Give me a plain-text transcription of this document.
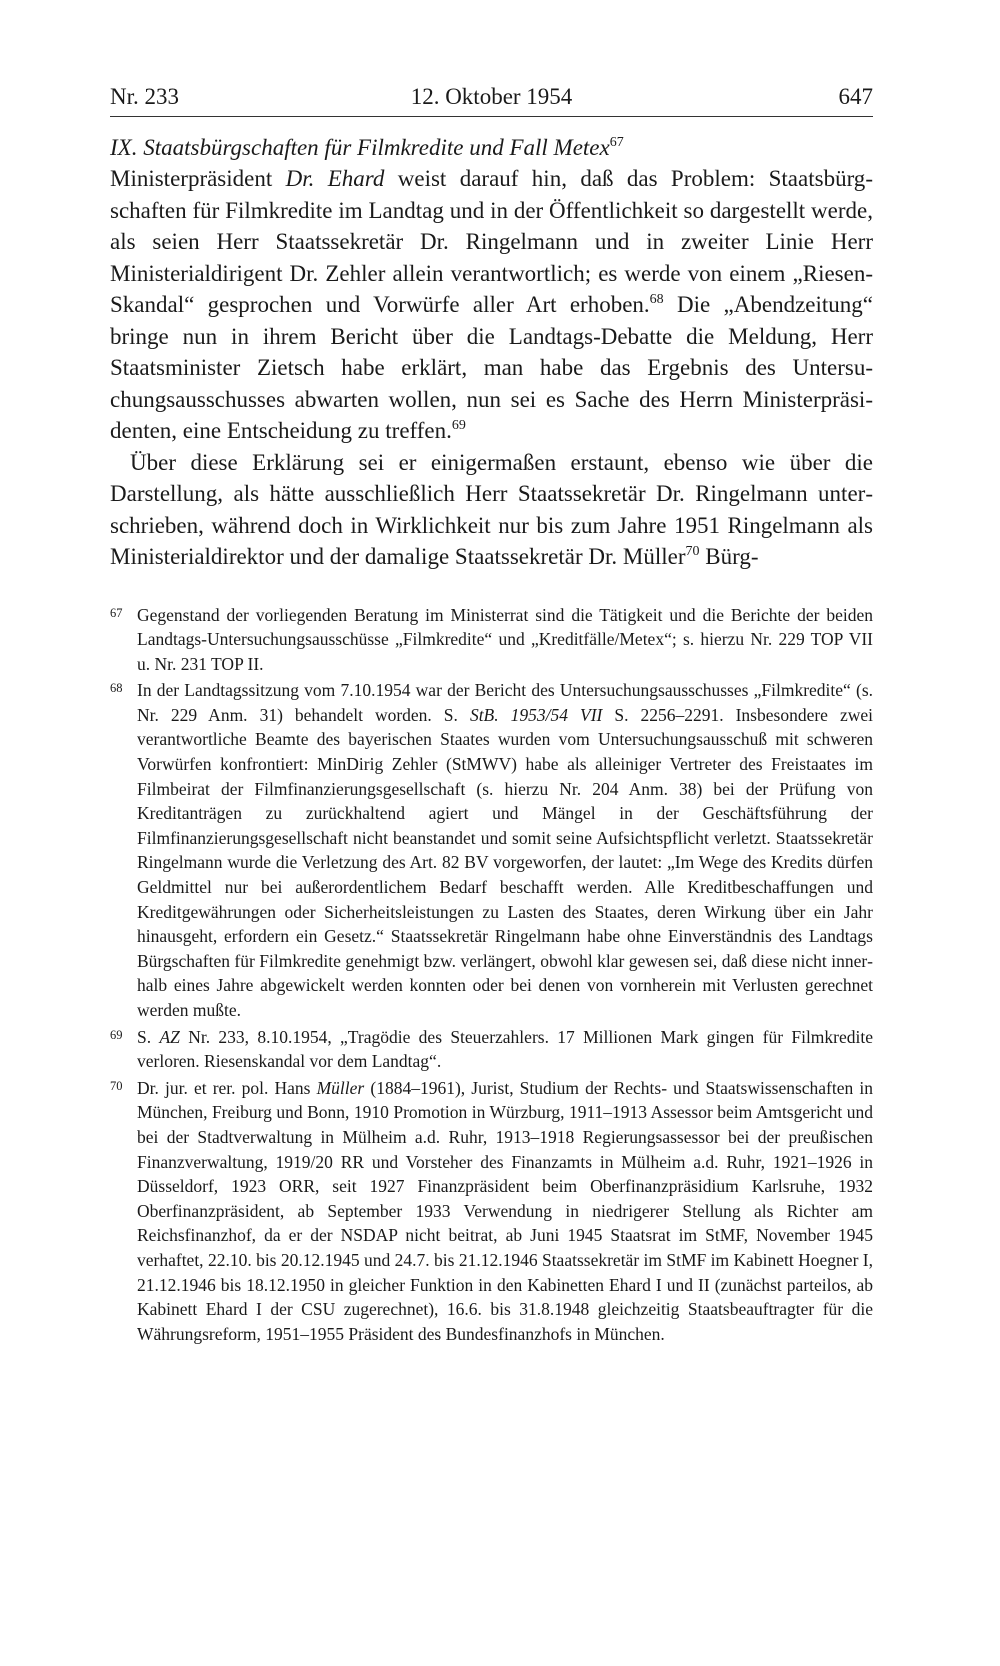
Nr. 233	12. Oktober 1954	647
IX. Staatsbürgschaften für Filmkredite und Fall Metex$^{67}$

Ministerpräsident Dr. Ehard weist darauf hin, daß das Problem: Staatsbürgschaften für Filmkredite im Landtag und in der Öffentlichkeit so dargestellt werde, als seien Herr Staatssekretär Dr. Ringelmann und in zweiter Linie Herr Ministerialdirigent Dr. Zehler allein verantwortlich; es werde von einem „Riesen-Skandal“ gesprochen und Vorwürfe aller Art erhoben.$^{68}$ Die „Abendzeitung“ bringe nun in ihrem Bericht über die Landtags-Debatte die Meldung, Herr Staatsminister Zietsch habe erklärt, man habe das Ergebnis des Untersuchungsausschusses abwarten wollen, nun sei es Sache des Herrn Ministerpräsidenten, eine Entscheidung zu treffen.$^{69}$

Über diese Erklärung sei er einigermaßen erstaunt, ebenso wie über die Darstellung, als hätte ausschließlich Herr Staatssekretär Dr. Ringelmann unterschrieben, während doch in Wirklichkeit nur bis zum Jahre 1951 Ringelmann als Ministerialdirektor und der damalige Staatssekretär Dr. Müller$^{70}$ Bürg-

67 Gegenstand der vorliegenden Beratung im Ministerrat sind die Tätigkeit und die Berichte der beiden Landtags-Untersuchungsausschüsse „Filmkredite“ und „Kreditfälle/Metex“; s. hierzu Nr. 229 TOP VII u. Nr. 231 TOP II.
68 In der Landtagssitzung vom 7.10.1954 war der Bericht des Untersuchungsausschusses „Filmkredite“ (s. Nr. 229 Anm. 31) behandelt worden. S. StB. 1953/54 VII S. 2256–2291. Insbesondere zwei verantwortliche Beamte des bayerischen Staates wurden vom Untersuchungsausschuß mit schweren Vorwürfen konfrontiert: MinDirig Zehler (StMWV) habe als alleiniger Vertreter des Freistaates im Filmbeirat der Filmfinanzierungsgesellschaft (s. hierzu Nr. 204 Anm. 38) bei der Prüfung von Kreditanträgen zu zurückhaltend agiert und Mängel in der Geschäftsführung der Filmfinanzierungsgesellschaft nicht beanstandet und somit seine Aufsichtspflicht verletzt. Staatssekretär Ringelmann wurde die Verletzung des Art. 82 BV vorgeworfen, der lautet: „Im Wege des Kredits dürfen Geldmittel nur bei außerordentlichem Bedarf beschafft werden. Alle Kreditbeschaffungen und Kreditgewährungen oder Sicherheitsleistungen zu Lasten des Staates, deren Wirkung über ein Jahr hinausgeht, erfordern ein Gesetz.“ Staatssekretär Ringelmann habe ohne Einverständnis des Landtags Bürgschaften für Filmkredite genehmigt bzw. verlängert, obwohl klar gewesen sei, daß diese nicht innerhalb eines Jahre abgewickelt werden konnten oder bei denen von vornherein mit Verlusten gerechnet werden mußte.
69 S. AZ Nr. 233, 8.10.1954, „Tragödie des Steuerzahlers. 17 Millionen Mark gingen für Filmkredite verloren. Riesenskandal vor dem Landtag“.
70 Dr. jur. et rer. pol. Hans Müller (1884–1961), Jurist, Studium der Rechts- und Staatswissenschaften in München, Freiburg und Bonn, 1910 Promotion in Würzburg, 1911–1913 Assessor beim Amtsgericht und bei der Stadtverwaltung in Mülheim a.d. Ruhr, 1913–1918 Regierungsassessor bei der preußischen Finanzverwaltung, 1919/20 RR und Vorsteher des Finanzamts in Mülheim a.d. Ruhr, 1921–1926 in Düsseldorf, 1923 ORR, seit 1927 Finanzpräsident beim Oberfinanzpräsidium Karlsruhe, 1932 Oberfinanzpräsident, ab September 1933 Verwendung in niedrigerer Stellung als Richter am Reichsfinanzhof, da er der NSDAP nicht beitrat, ab Juni 1945 Staatsrat im StMF, November 1945 verhaftet, 22.10. bis 20.12.1945 und 24.7. bis 21.12.1946 Staatssekretär im StMF im Kabinett Hoegner I, 21.12.1946 bis 18.12.1950 in gleicher Funktion in den Kabinetten Ehard I und II (zunächst parteilos, ab Kabinett Ehard I der CSU zugerechnet), 16.6. bis 31.8.1948 gleichzeitig Staatsbeauftragter für die Währungsreform, 1951–1955 Präsident des Bundesfinanzhofs in München.
